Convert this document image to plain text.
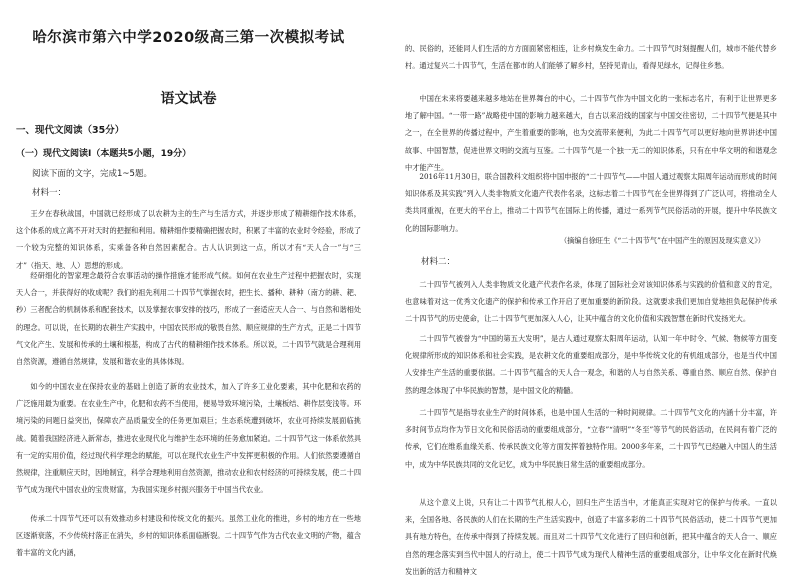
哈尔滨市第六中学2020级高三第一次模拟考试
语文试卷
一、现代文阅读（35分）
（一）现代文阅读Ⅰ（本题共5小题，19分）
阅读下面的文字，完成1~5题。
材料一：

王夕在春秋战国，中国就已经形成了以农耕为主的生产与生活方式，并逐步形成了精耕细作技术体系，这个体系的成立离不开对天时的把握和利用。精耕细作要精确把握农时，积累了丰富的农业时令经验，形成了一个较为完整的知识体系，实乘备各种自然因素配合。古人认识到这一点，所以才有“天人合一”与“三才”（指天、地、人）思想的形成。

经研细化的智家理念最符合农事活动的操作措施才能形成气候。如何在农业生产过程中把握农时，实现天人合一，并获得好的收成呢？我们的祖先利用二十四节气掌握农时，把生长、播种、耕种（南方的耕、耙、秒）三者配合的机制体系和配套技术，以及掌握农事安排的技巧，形成了一套适应天人合一、与自然和谐相处的理念。可以说，在长期的农耕生产实践中，中国农民形成的敬畏自然、顺应规律的生产方式，正是二十四节气文化产生、发展和传承的土壤和根基，构成了古代的精耕细作技术体系。所以说，二十四节气就是合理利用自然资源，遵循自然规律，发展和谐农业的具体体现。

如今的中国农业在保持农业的基础上创造了新的农业技术，加入了许多工业化要素，其中化肥和农药的广泛施用最为重要。在农业生产中，化肥和农药不当使用，便易导致环境污染，土壤板结、耕作层变浅等。环境污染的问题日益突出，保障农产品质量安全的任务更加艰巨；生态系统遭到破坏，农业可持续发展面临挑战。随着我国经济进入新常态，推进农业现代化与维护生态环境的任务愈加紧迫。二十四节气这一体系依然具有一定的实用价值，经过现代科学理念的赋能，可以在现代农业生产中发挥更积极的作用。人们依然要遵循自然规律，注重顺应天时，因地制宜，科学合理地利用自然资源，推动农业和农村经济的可持续发展，使二十四节气成为现代中国农业的宝贵财富，为我国实现乡村振兴服务于中国当代农业。

传承二十四节气还可以有效推动乡村建设和传统文化的振兴。虽然工业化的推进，乡村的地方在一些地区逐渐衰落，不少传统村落正在消失，乡村的知识体系面临断裂。二十四节气作为古代农业文明的产物，蕴含着丰富的文化内涵，

的、民俗的，还能同人们生活的方方面面紧密相连，让乡村焕发生命力。二十四节气时刻提醒人们，城市不能代替乡村。通过复兴二十四节气，生活在都市的人们能够了解乡村，坚持见青山，看得见绿水，记得住乡愁。

中国在未来将要越来越多地站在世界舞台的中心，二十四节气作为中国文化的一张标志名片，有利于让世界更多地了解中国。“一带一路”战略使中国的影响力越来越大，自古以来沿线的国家与中国交往密切，二十四节气便是其中之一，在全世界的传播过程中，产生着重要的影响，也为交流带来便利，为此二十四节气可以更好地向世界讲述中国故事、中国智慧，促进世界文明的交流与互鉴。二十四节气是一个独一无二的知识体系，只有在中华文明的和谐观念中才能产生。

2016年11月30日，联合国教科文组织将中国申报的“二十四节气——中国人通过观察太阳周年运动而形成的时间知识体系及其实践”列入人类非物质文化遗产代表作名录，这标志着二十四节气在全世界得到了广泛认可，将推动全人类共同重视，在更大的平台上，推动二十四节气在国际上的传播，通过一系列节气民俗活动的开展，提升中华民族文化的国际影响力。

（摘编自徐旺生《“二十四节气”在中国产生的原因及现实意义》）
材料二：

二十四节气被列入人类非物质文化遗产代表作名录，体现了国际社会对该知识体系与实践的价值和意义的肯定，也意味着对这一优秀文化遗产的保护和传承工作开启了更加重要的新阶段。这就要求我们更加自觉地担负起保护传承二十四节气的历史使命，让二十四节气更加深入人心，让其中蕴含的文化价值和实践智慧在新时代发扬光大。

二十四节气被誉为“中国的第五大发明”，是古人通过观察太阳周年运动，认知一年中时令、气候、物候等方面变化规律所形成的知识体系和社会实践，是农耕文化的重要组成部分，是中华传统文化的有机组成部分，也是当代中国人安排生产生活的重要依据。二十四节气蕴含的天人合一观念，和谐的人与自然关系、尊重自然、顺应自然、保护自然的理念体现了中华民族的智慧，是中国文化的精髓。

二十四节气是指导农业生产的时间体系，也是中国人生活的一种时间规律。二十四节气文化的内涵十分丰富，许多时间节点均作为节日文化和民俗活动的重要组成部分，“立春”“清明”“冬至”等节气的民俗活动，在民间有着广泛的传承，它们在维系血缘关系、传承民族文化等方面发挥着独特作用。2000多年来，二十四节气已经融入中国人的生活中，成为中华民族共同的文化记忆，成为中华民族日常生活的重要组成部分。

从这个意义上说，只有让二十四节气扎根人心，回归生产生活当中，才能真正实现对它的保护与传承。一直以来，全国各地、各民族的人们在长期的生产生活实践中，创造了丰富多彩的二十四节气民俗活动，使二十四节气更加具有地方特色，在传承中得到了持续发展。而且对二十四节气文化进行了回归和创新，把其中蕴含的天人合一、顺应自然的理念落实到当代中国人的行动上，使二十四节气成为现代人精神生活的重要组成部分，让中华文化在新时代焕发出新的活力和精神文
